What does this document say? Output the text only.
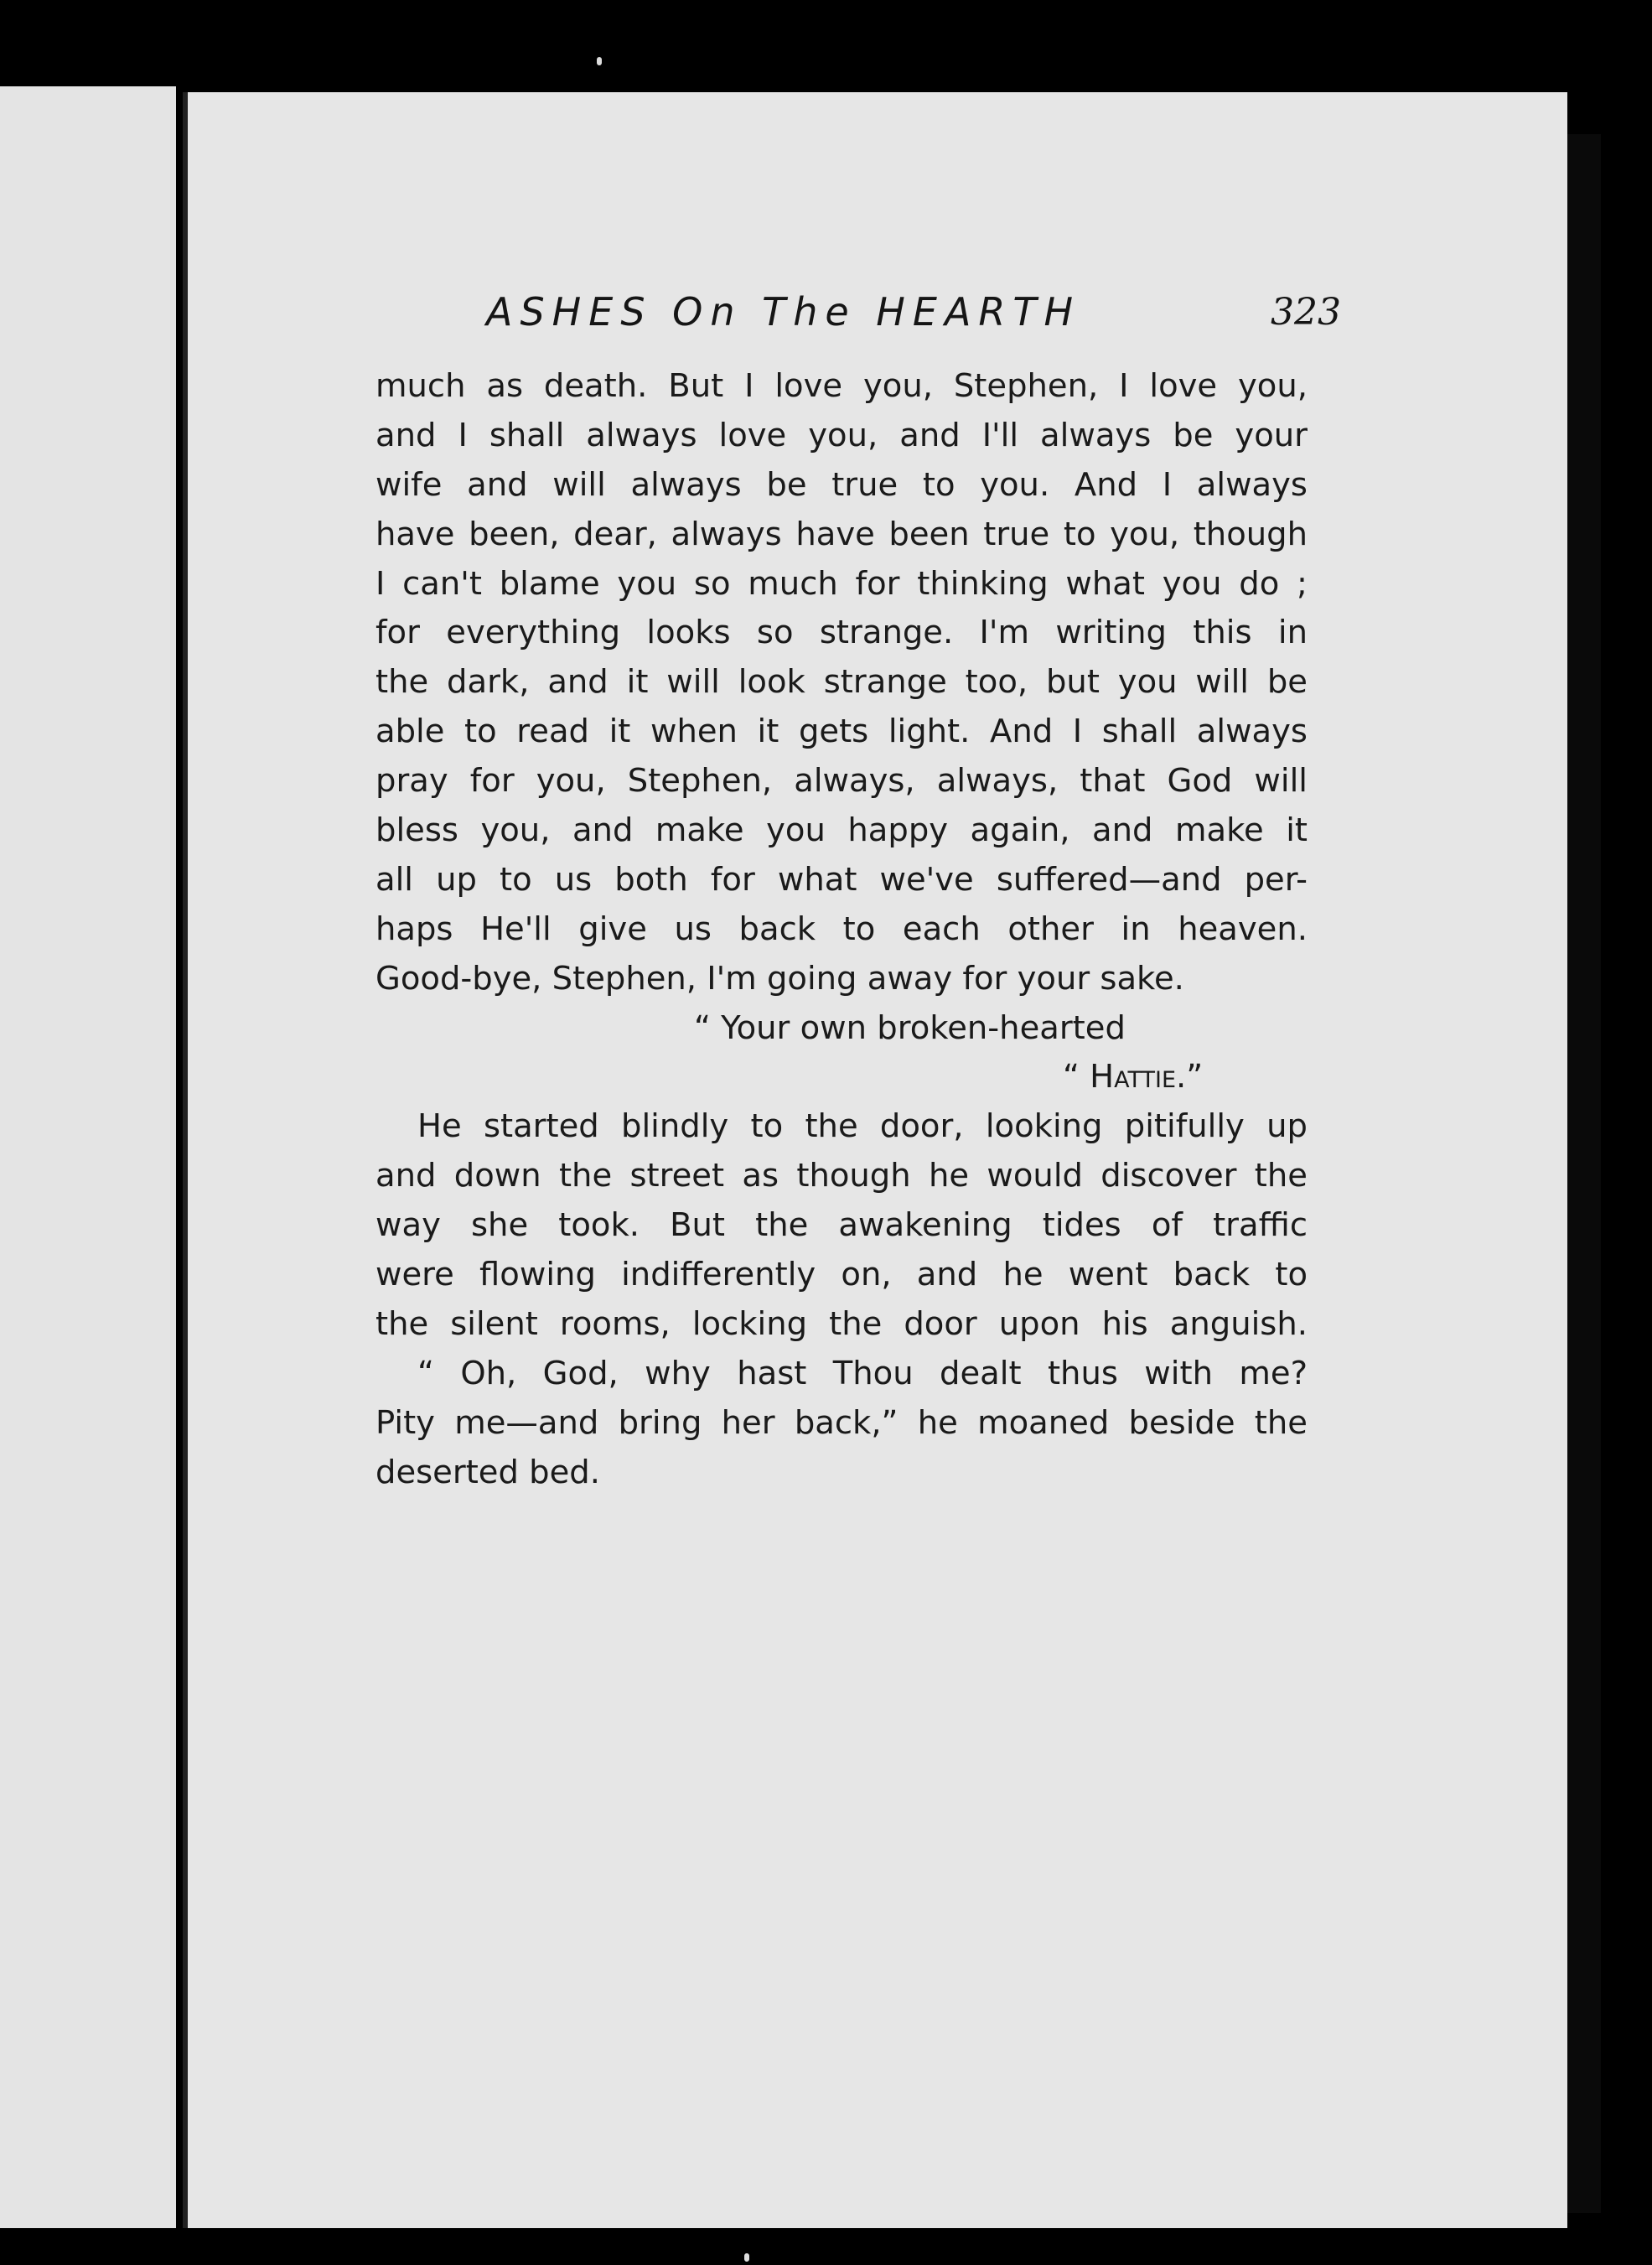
ASHES On The HEARTH	323
much as death. But I love you, Stephen, I love you,
and I shall always love you, and I'll always be your
wife and will always be true to you. And I always
have been, dear, always have been true to you, though
I can't blame you so much for thinking what you do ;
for everything looks so strange. I'm writing this in
the dark, and it will look strange too, but you will be
able to read it when it gets light. And I shall always
pray for you, Stephen, always, always, that God will
bless you, and make you happy again, and make it
all up to us both for what we've suffered—and per-
haps He'll give us back to each other in heaven.
Good-bye, Stephen, I'm going away for your sake.
“ Your own broken-hearted
“ Hattie.”
He started blindly to the door, looking pitifully up
and down the street as though he would discover the
way she took. But the awakening tides of traffic
were flowing indifferently on, and he went back to
the silent rooms, locking the door upon his anguish.
“ Oh, God, why hast Thou dealt thus with me?
Pity me—and bring her back,” he moaned beside the
deserted bed.
